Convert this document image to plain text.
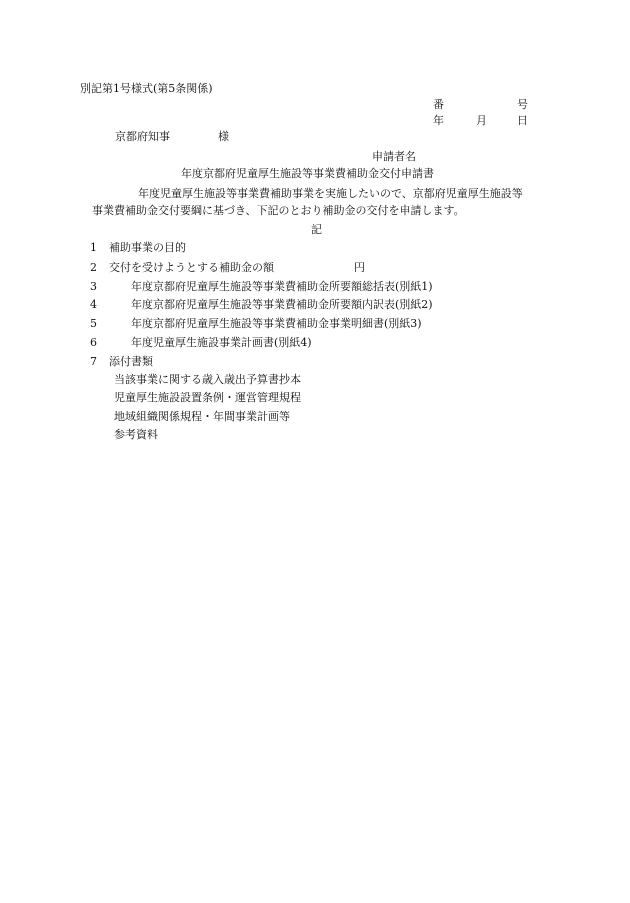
別記第1号様式(第5条関係)
番	号
年	月	日
京都府知事	様
申請者名
年度京都府児童厚生施設等事業費補助金交付申請書
年度児童厚生施設等事業費補助事業を実施したいので、京都府児童厚生施設等
事業費補助金交付要綱に基づき、下記のとおり補助金の交付を申請します。
記
1 補助事業の目的
2 交付を受けようとする補助金の額	円
3	年度京都府児童厚生施設等事業費補助金所要額総括表(別紙1)
4	年度京都府児童厚生施設等事業費補助金所要額内訳表(別紙2)
5	年度京都府児童厚生施設等事業費補助金事業明細書(別紙3)
6	年度児童厚生施設事業計画書(別紙4)
7 添付書類
当該事業に関する歳入歳出予算書抄本
児童厚生施設設置条例・運営管理規程
地域組織関係規程・年間事業計画等
参考資料
